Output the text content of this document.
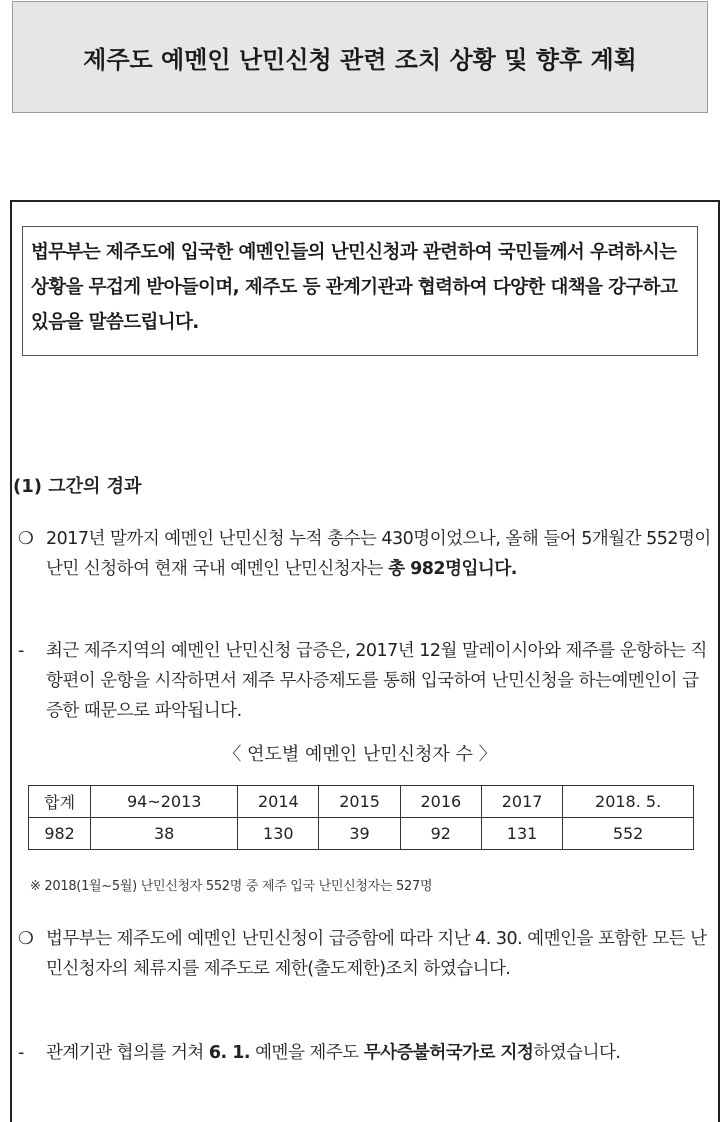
제주도 예멘인 난민신청 관련 조치 상황 및 향후 계획

법무부는 제주도에 입국한 예멘인들의 난민신청과 관련하여 국민들께서 우려하시는 상황을 무겁게 받아들이며, 제주도 등 관계기관과 협력하여 다양한 대책을 강구하고 있음을 말씀드립니다.

(1) 그간의 경과

❍ 2017년 말까지 예멘인 난민신청 누적 총수는 430명이었으나, 올해 들어 5개월간 552명이 난민 신청하여 현재 국내 예멘인 난민신청자는 총 982명입니다.

- 최근 제주지역의 예멘인 난민신청 급증은, 2017년 12월 말레이시아와 제주를 운항하는 직항편이 운항을 시작하면서 제주 무사증제도를 통해 입국하여 난민신청을 하는예멘인이 급증한 때문으로 파악됩니다.

〈 연도별 예멘인 난민신청자 수 〉

합계	94~2013	2014	2015	2016	2017	2018. 5.
982	38	130	39	92	131	552

※ 2018(1월~5월) 난민신청자 552명 중 제주 입국 난민신청자는 527명

❍ 법무부는 제주도에 예멘인 난민신청이 급증함에 따라 지난 4. 30. 예멘인을 포함한 모든 난민신청자의 체류지를 제주도로 제한(출도제한)조치 하였습니다.

- 관계기관 협의를 거쳐 6. 1. 예멘을 제주도 무사증불허국가로 지정하였습니다.
